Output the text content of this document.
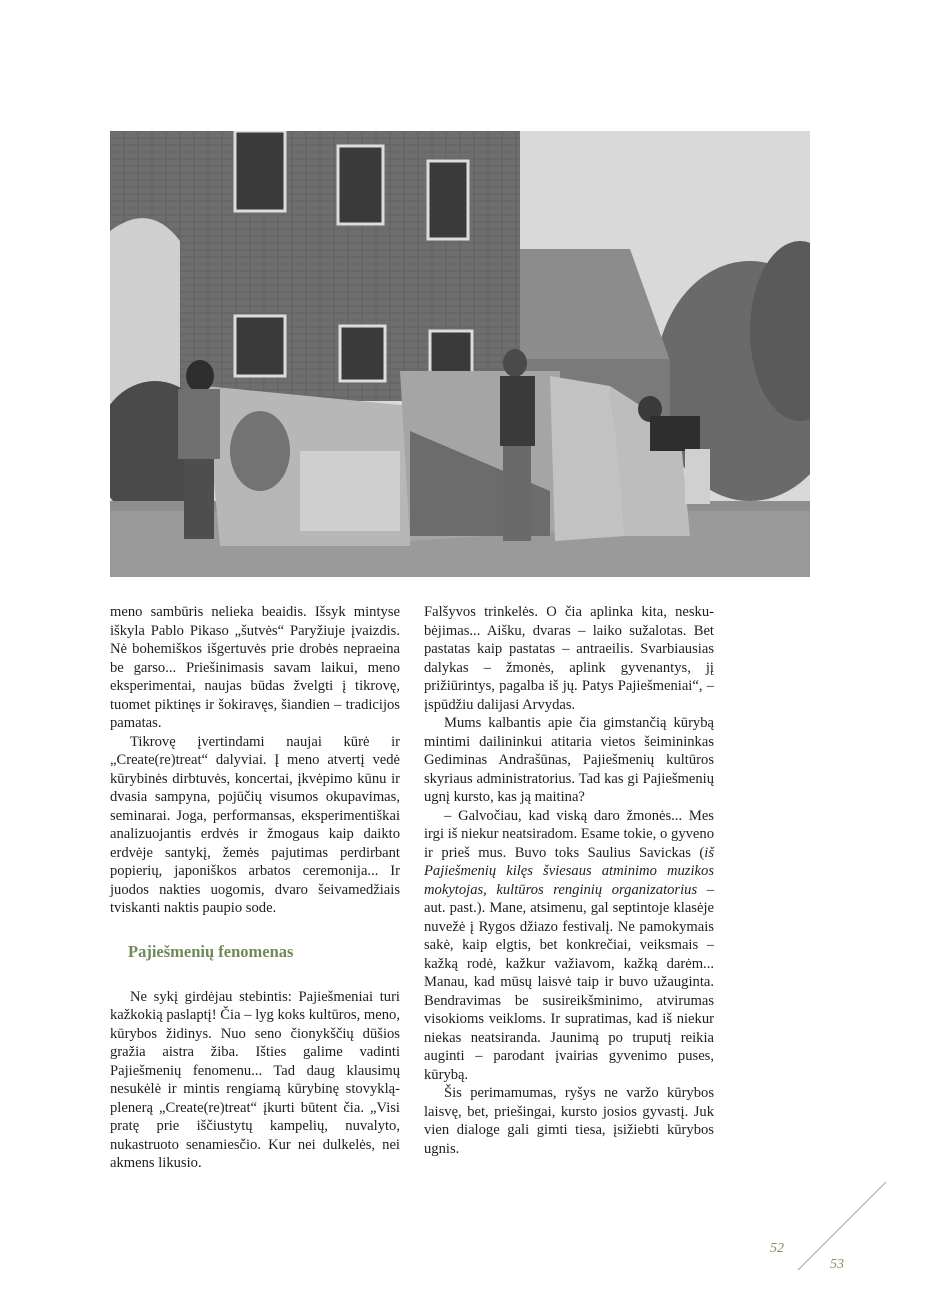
meno sambūris nelieka beaidis. Išsyk mintyse iškyla Pablo Pikaso „šutvės“ Paryžiuje įvaizdis. Nė bohemiškos išgertuvės prie drobės nepraeina be garso... Priešinimasis savam laikui, meno eksperimentai, naujas būdas žvelgti į tikrovę, tuomet piktinęs ir šokiravęs, šiandien – tradicijos pamatas.

Tikrovę įvertindami naujai kūrė ir „Create(re)treat“ dalyviai. Į meno atvertį vedė kūrybinės dirbtuvės, koncertai, įkvėpimo kūnu ir dvasia sampyna, pojūčių visumos okupavimas, seminarai. Joga, performansas, eksperimentiškai analizuojantis erdvės ir žmogaus kaip daikto erdvėje santykį, žemės pajutimas perdirbant popierių, japoniškos arbatos ceremonija... Ir juodos nakties uogomis, dvaro šeivamedžiais tviskanti naktis paupio sode.

Pajiešmenių fenomenas

Ne sykį girdėjau stebintis: Pajiešmeniai turi kažkokią paslaptį! Čia – lyg koks kultūros, meno, kūrybos židinys. Nuo seno čionykščių dūšios gražia aistra žiba. Išties galime vadinti Pajiešmenių fenomenu... Tad daug klausimų nesukėlė ir mintis rengiamą kūrybinę stovyklą-plenerą „Create(re)treat“ įkurti būtent čia. „Visi pratę prie iščiustytų kampelių, nuvalyto, nukastruoto senamiesčio. Kur nei dulkelės, nei akmens likusio.

Falšyvos trinkelės. O čia aplinka kita, neskubėjimas... Aišku, dvaras – laiko sužalotas. Bet pastatas kaip pastatas – antraeilis. Svarbiausias dalykas – žmonės, aplink gyvenantys, jį prižiūrintys, pagalba iš jų. Patys Pajiešmeniai“, – įspūdžiu dalijasi Arvydas.

Mums kalbantis apie čia gimstančią kūrybą mintimi dailininkui atitaria vietos šeimininkas Gediminas Andrašūnas, Pajiešmenių kultūros skyriaus administratorius. Tad kas gi Pajiešmenių ugnį kursto, kas ją maitina?

– Galvočiau, kad viską daro žmonės... Mes irgi iš niekur neatsiradom. Esame tokie, o gyveno ir prieš mus. Buvo toks Saulius Savickas (iš Pajiešmenių kilęs šviesaus atminimo muzikos mokytojas, kultūros renginių organizatorius – aut. past.). Mane, atsimenu, gal septintoje klasėje nuvežė į Rygos džiazo festivalį. Ne pamokymais sakė, kaip elgtis, bet konkrečiai, veiksmais – kažką rodė, kažkur važiavom, kažką darėm... Manau, kad mūsų laisvė taip ir buvo užauginta. Bendravimas be susireikšminimo, atvirumas visokioms veikloms. Ir supratimas, kad iš niekur niekas neatsiranda. Jaunimą po truputį reikia auginti – parodant įvairias gyvenimo puses, kūrybą.

Šis perimamumas, ryšys ne varžo kūrybos laisvę, bet, priešingai, kursto josios gyvastį. Juk vien dialoge gali gimti tiesa, įsižiebti kūrybos ugnis.

52
53
